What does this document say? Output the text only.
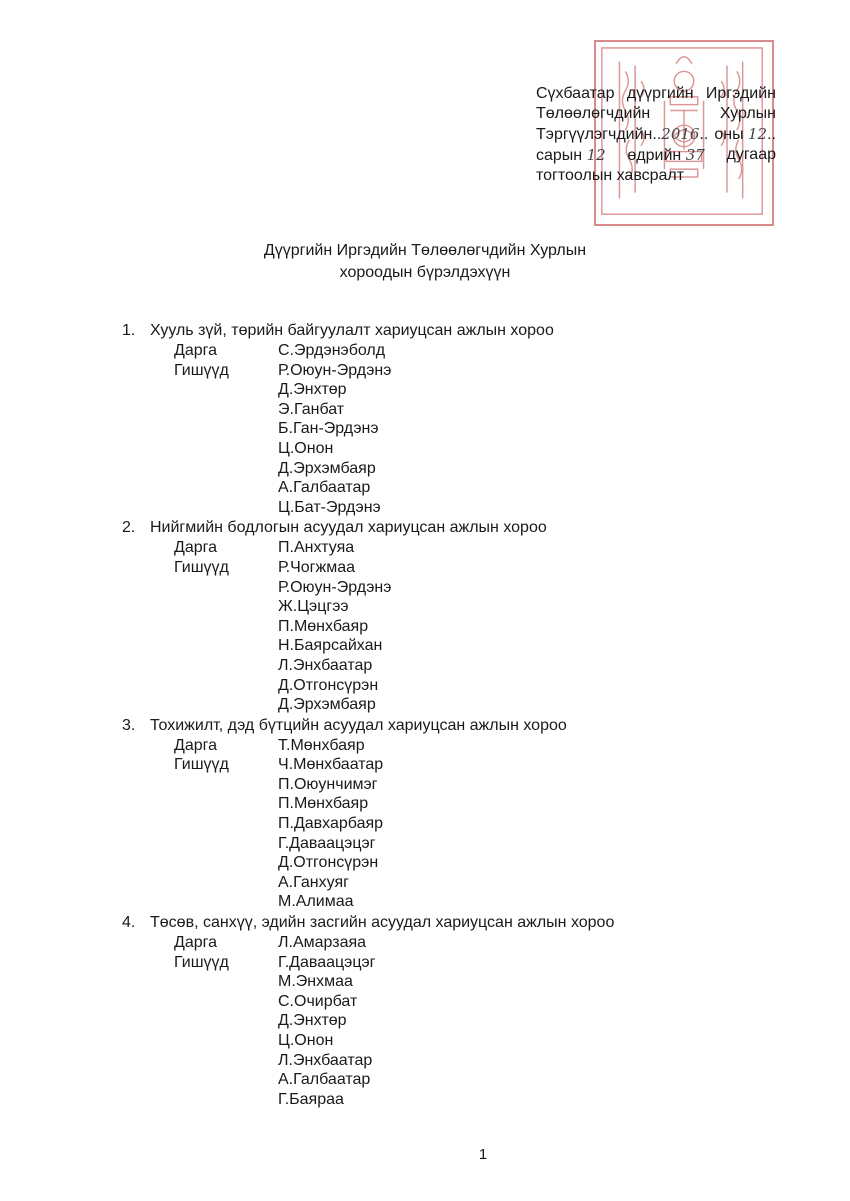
Сүхбаатар дүүргийн Иргэдийн
Төлөөлөгчдийн	Хурлын
Тэргүүлэгчдийн..2016.. оны 12..
сарын 12 өдрийн 37 дугаар
тогтоолын хавсралт
Дүүргийн Иргэдийн Төлөөлөгчдийн Хурлын
хороодын бүрэлдэхүүн
1. Хууль зүй, төрийн байгуулалт хариуцсан ажлын хороо
Дарга	С.Эрдэнэболд
Гишүүд	Р.Оюун-Эрдэнэ
Д.Энхтөр
Э.Ганбат
Б.Ган-Эрдэнэ
Ц.Онон
Д.Эрхэмбаяр
А.Галбаатар
Ц.Бат-Эрдэнэ
2. Нийгмийн бодлогын асуудал хариуцсан ажлын хороо
Дарга	П.Анхтуяа
Гишүүд	Р.Чогжмаа
Р.Оюун-Эрдэнэ
Ж.Цэцгээ
П.Мөнхбаяр
Н.Баярсайхан
Л.Энхбаатар
Д.Отгонсүрэн
Д.Эрхэмбаяр
3. Тохижилт, дэд бүтцийн асуудал хариуцсан ажлын хороо
Дарга	Т.Мөнхбаяр
Гишүүд	Ч.Мөнхбаатар
П.Оюунчимэг
П.Мөнхбаяр
П.Давхарбаяр
Г.Даваацэцэг
Д.Отгонсүрэн
А.Ганхуяг
М.Алимаа
4. Төсөв, санхүү, эдийн засгийн асуудал хариуцсан ажлын хороо
Дарга	Л.Амарзаяа
Гишүүд	Г.Даваацэцэг
М.Энхмаа
С.Очирбат
Д.Энхтөр
Ц.Онон
Л.Энхбаатар
А.Галбаатар
Г.Баяраа
1
